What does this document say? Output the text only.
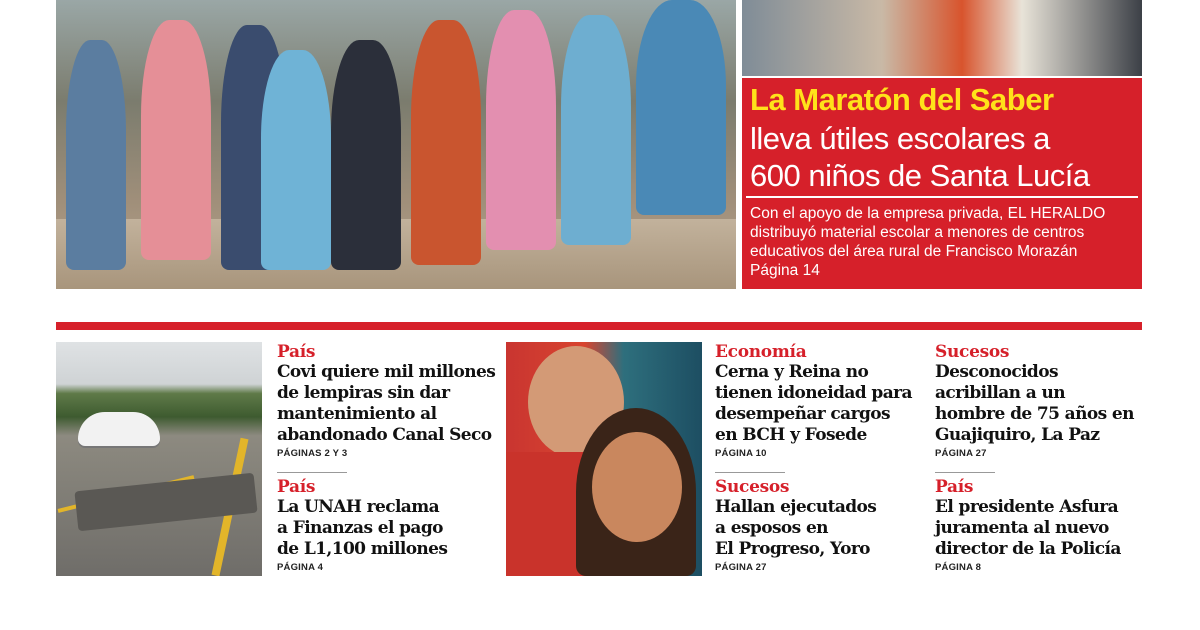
La Maratón del Saber
lleva útiles escolares a
600 niños de Santa Lucía
Con el apoyo de la empresa privada, EL HERALDO
distribuyó material escolar a menores de centros
educativos del área rural de Francisco Morazán
Página 14
País
Covi quiere mil millones
de lempiras sin dar
mantenimiento al
abandonado Canal Seco
PÁGINAS 2 Y 3
País
La UNAH reclama
a Finanzas el pago
de L1,100 millones
PÁGINA 4
Economía
Cerna y Reina no
tienen idoneidad para
desempeñar cargos
en BCH y Fosede
PÁGINA 10
Sucesos
Hallan ejecutados
a esposos en
El Progreso, Yoro
PÁGINA 27
Sucesos
Desconocidos
acribillan a un
hombre de 75 años en
Guajiquiro, La Paz
PÁGINA 27
País
El presidente Asfura
juramenta al nuevo
director de la Policía
PÁGINA 8
